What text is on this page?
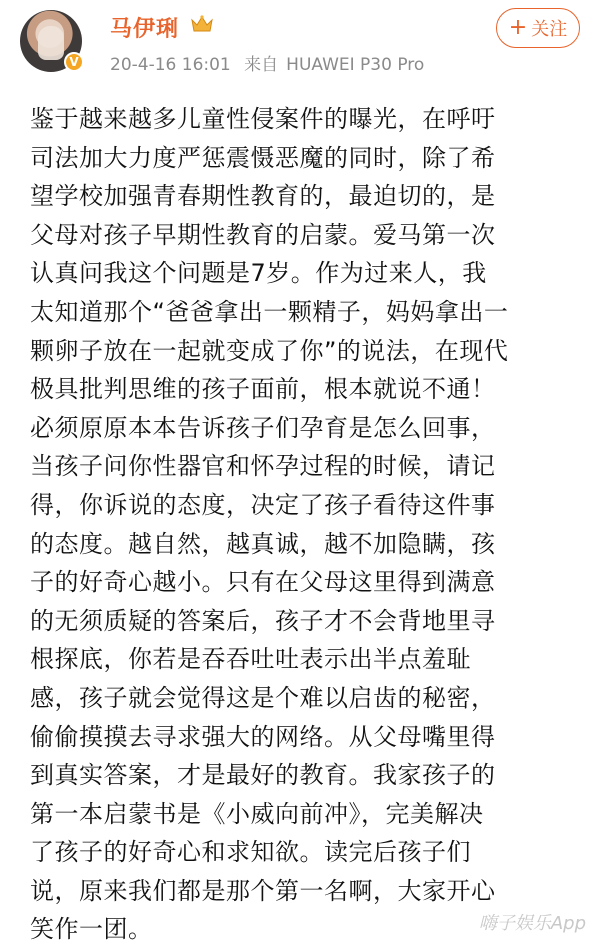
V
马伊琍
20-4-16 16:01 来自 HUAWEI P30 Pro
+ 关注
鉴于越来越多儿童性侵案件的曝光，在呼吁
司法加大力度严惩震慑恶魔的同时，除了希
望学校加强青春期性教育的，最迫切的，是
父母对孩子早期性教育的启蒙。爱马第一次
认真问我这个问题是7岁。作为过来人，我
太知道那个“爸爸拿出一颗精子，妈妈拿出一
颗卵子放在一起就变成了你”的说法，在现代
极具批判思维的孩子面前，根本就说不通！
必须原原本本告诉孩子们孕育是怎么回事，
当孩子问你性器官和怀孕过程的时候，请记
得，你诉说的态度，决定了孩子看待这件事
的态度。越自然，越真诚，越不加隐瞒，孩
子的好奇心越小。只有在父母这里得到满意
的无须质疑的答案后，孩子才不会背地里寻
根探底，你若是吞吞吐吐表示出半点羞耻
感，孩子就会觉得这是个难以启齿的秘密，
偷偷摸摸去寻求强大的网络。从父母嘴里得
到真实答案，才是最好的教育。我家孩子的
第一本启蒙书是《小威向前冲》，完美解决
了孩子的好奇心和求知欲。读完后孩子们
说，原来我们都是那个第一名啊，大家开心
笑作一团。	嗨子娱乐App
